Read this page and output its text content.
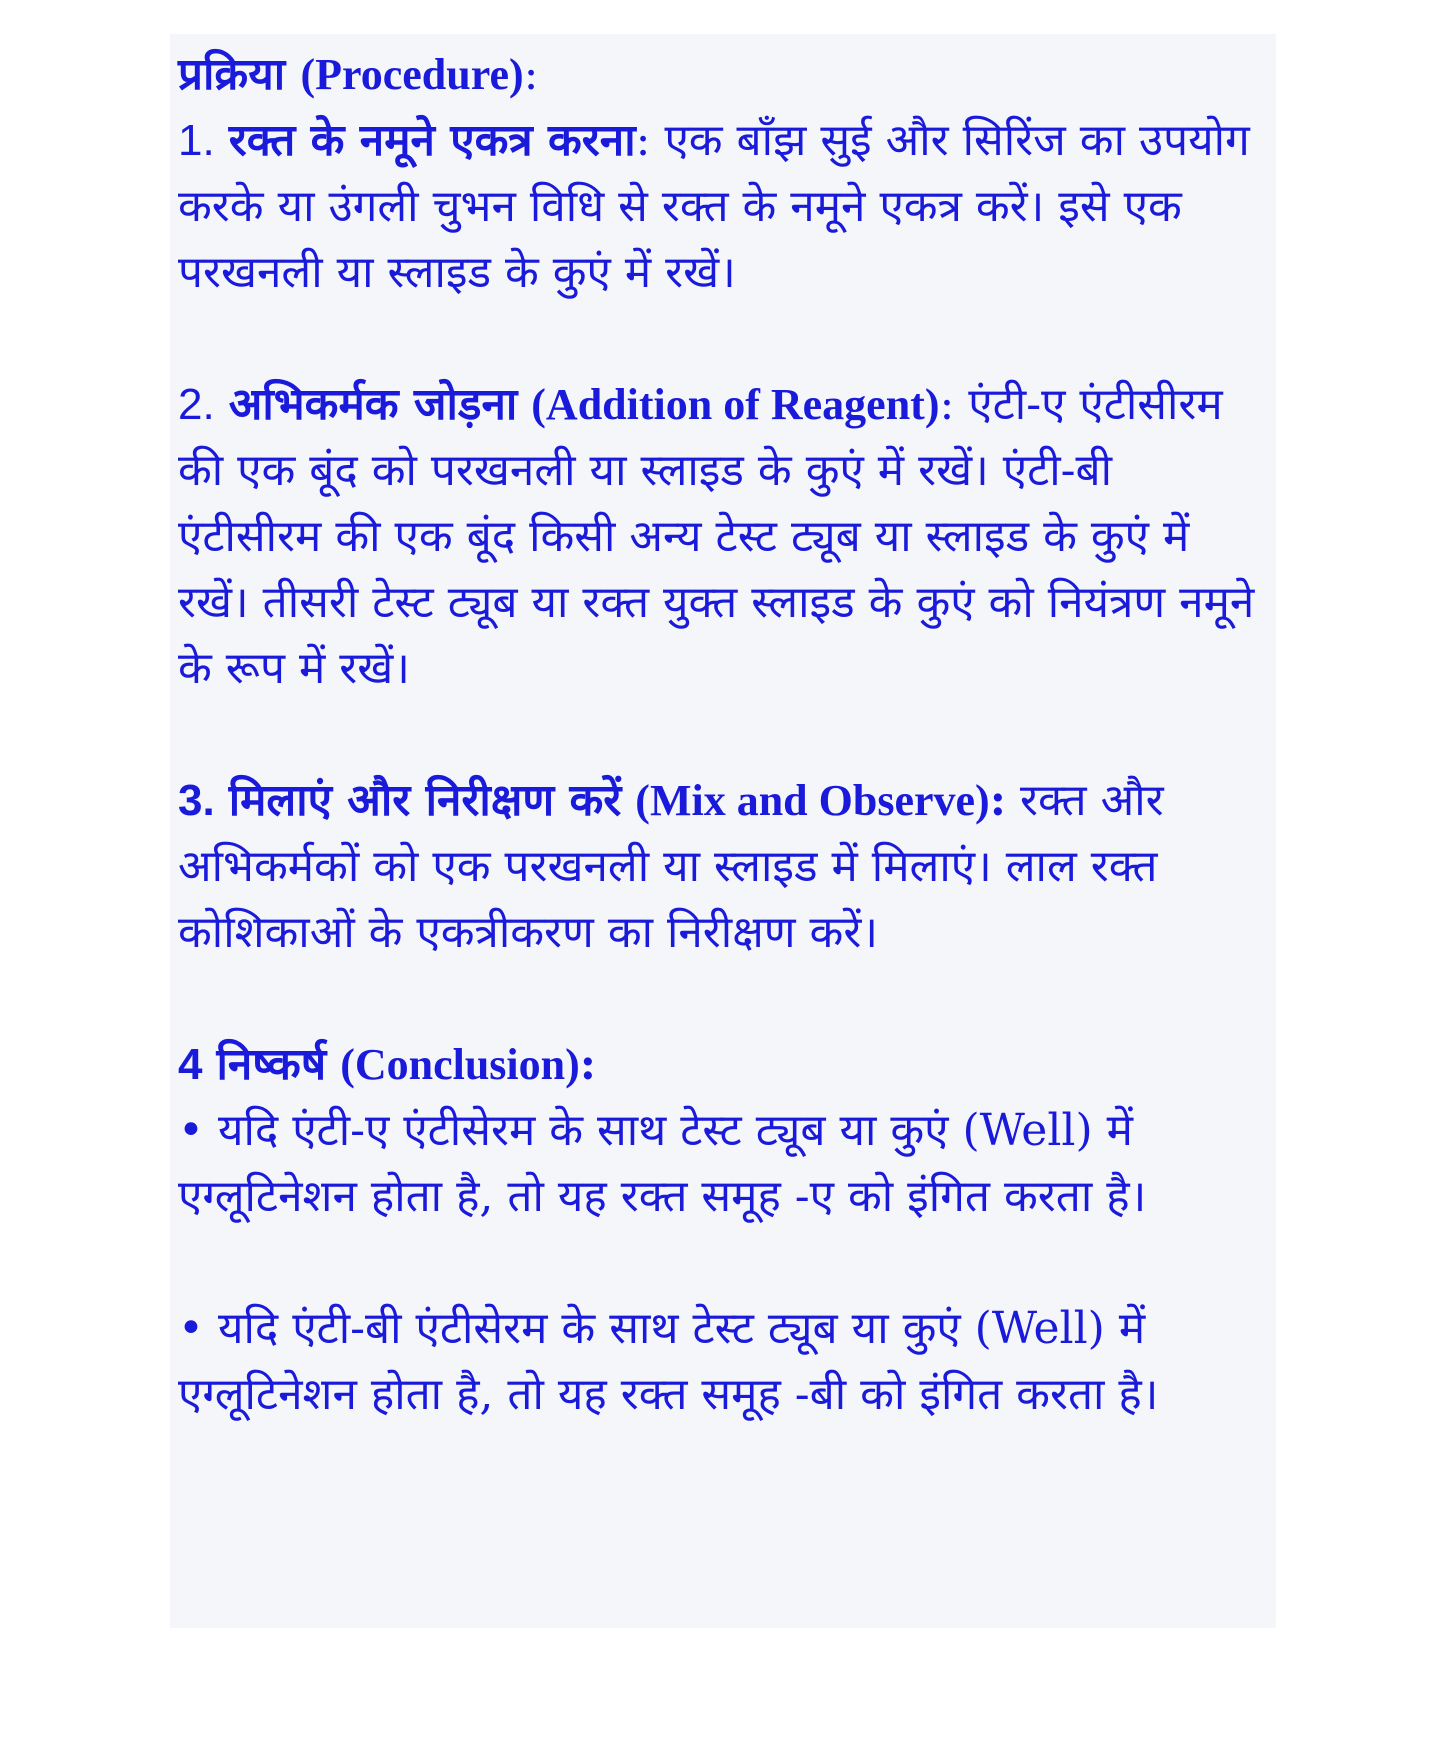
प्रक्रिया (Procedure):
1. रक्त के नमूने एकत्र करना: एक बाँझ सुई और सिरिंज का उपयोग करके या उंगली चुभन विधि से रक्त के नमूने एकत्र करें। इसे एक परखनली या स्लाइड के कुएं में रखें।

2. अभिकर्मक जोड़ना (Addition of Reagent): एंटी-ए एंटीसीरम की एक बूंद को परखनली या स्लाइड के कुएं में रखें। एंटी-बी एंटीसीरम की एक बूंद किसी अन्य टेस्ट ट्यूब या स्लाइड के कुएं में रखें। तीसरी टेस्ट ट्यूब या रक्त युक्त स्लाइड के कुएं को नियंत्रण नमूने के रूप में रखें।

3. मिलाएं और निरीक्षण करें (Mix and Observe): रक्त और अभिकर्मकों को एक परखनली या स्लाइड में मिलाएं। लाल रक्त कोशिकाओं के एकत्रीकरण का निरीक्षण करें।

4 निष्कर्ष (Conclusion):
• यदि एंटी-ए एंटीसेरम के साथ टेस्ट ट्यूब या कुएं (Well) में एग्लूटिनेशन होता है, तो यह रक्त समूह -ए को इंगित करता है।

• यदि एंटी-बी एंटीसेरम के साथ टेस्ट ट्यूब या कुएं (Well) में एग्लूटिनेशन होता है, तो यह रक्त समूह -बी को इंगित करता है।
